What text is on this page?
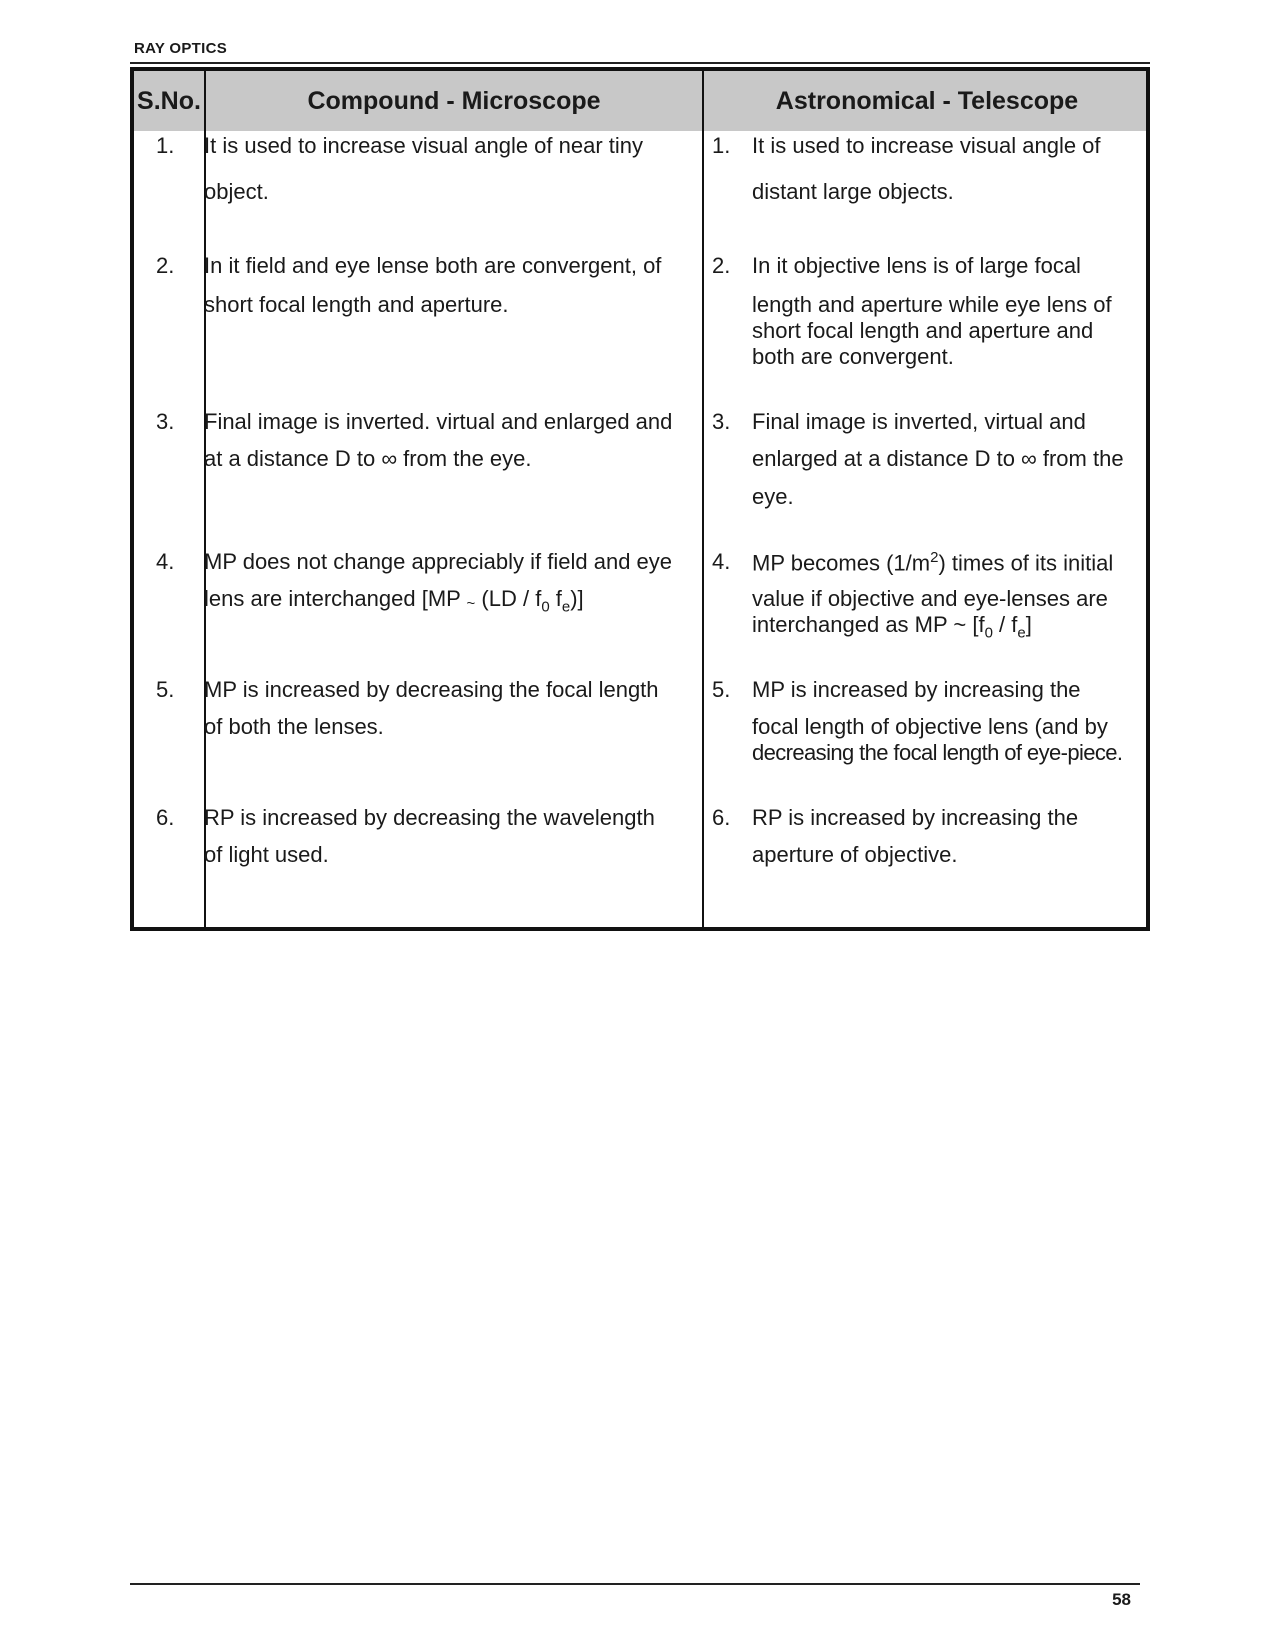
RAY OPTICS
S.No.	Compound - Microscope	Astronomical - Telescope
1. It is used to increase visual angle of near tiny
object.
1. It is used to increase visual angle of
distant large objects.
2. In it field and eye lense both are convergent, of
short focal length and aperture.
2. In it objective lens is of large focal
length and aperture while eye lens of
short focal length and aperture and
both are convergent.
3. Final image is inverted. virtual and enlarged and
at a distance D to ∞ from the eye.
3. Final image is inverted, virtual and
enlarged at a distance D to ∞ from the
eye.
4. MP does not change appreciably if field and eye
lens are interchanged [MP ~ ($LD / f_0$ $f_e$)]
4. MP becomes $(1/m^2)$ times of its initial
value if objective and eye-lenses are
interchanged as MP ~ $[f_0 / f_e]$
5. MP is increased by decreasing the focal length
of both the lenses.
5. MP is increased by increasing the
focal length of objective lens (and by
decreasing the focal length of eye-piece.
6. RP is increased by decreasing the wavelength
of light used.
6. RP is increased by increasing the
aperture of objective.
58
